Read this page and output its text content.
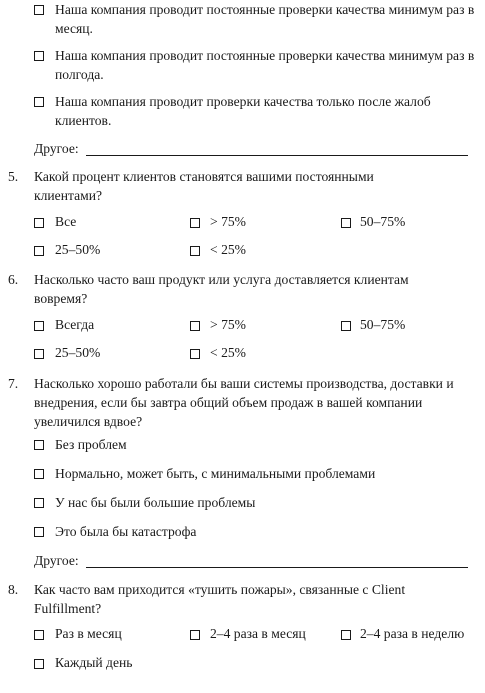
Наша компания проводит постоянные проверки качества минимум раз в месяц.
Наша компания проводит постоянные проверки качества минимум раз в полгода.
Наша компания проводит проверки качества только после жалоб клиентов.
Другое:
5. Какой процент клиентов становятся вашими постоянными клиентами?
Все	> 75%	50–75%
25–50%	< 25%
6. Насколько часто ваш продукт или услуга доставляется клиентам вовремя?
Всегда	> 75%	50–75%
25–50%	< 25%
7. Насколько хорошо работали бы ваши системы производства, доставки и внедрения, если бы завтра общий объем продаж в вашей компании увеличился вдвое?
Без проблем
Нормально, может быть, с минимальными проблемами
У нас бы были большие проблемы
Это была бы катастрофа
Другое:
8. Как часто вам приходится «тушить пожары», связанные с Client Fulfillment?
Раз в месяц	2–4 раза в месяц	2–4 раза в неделю
Каждый день
